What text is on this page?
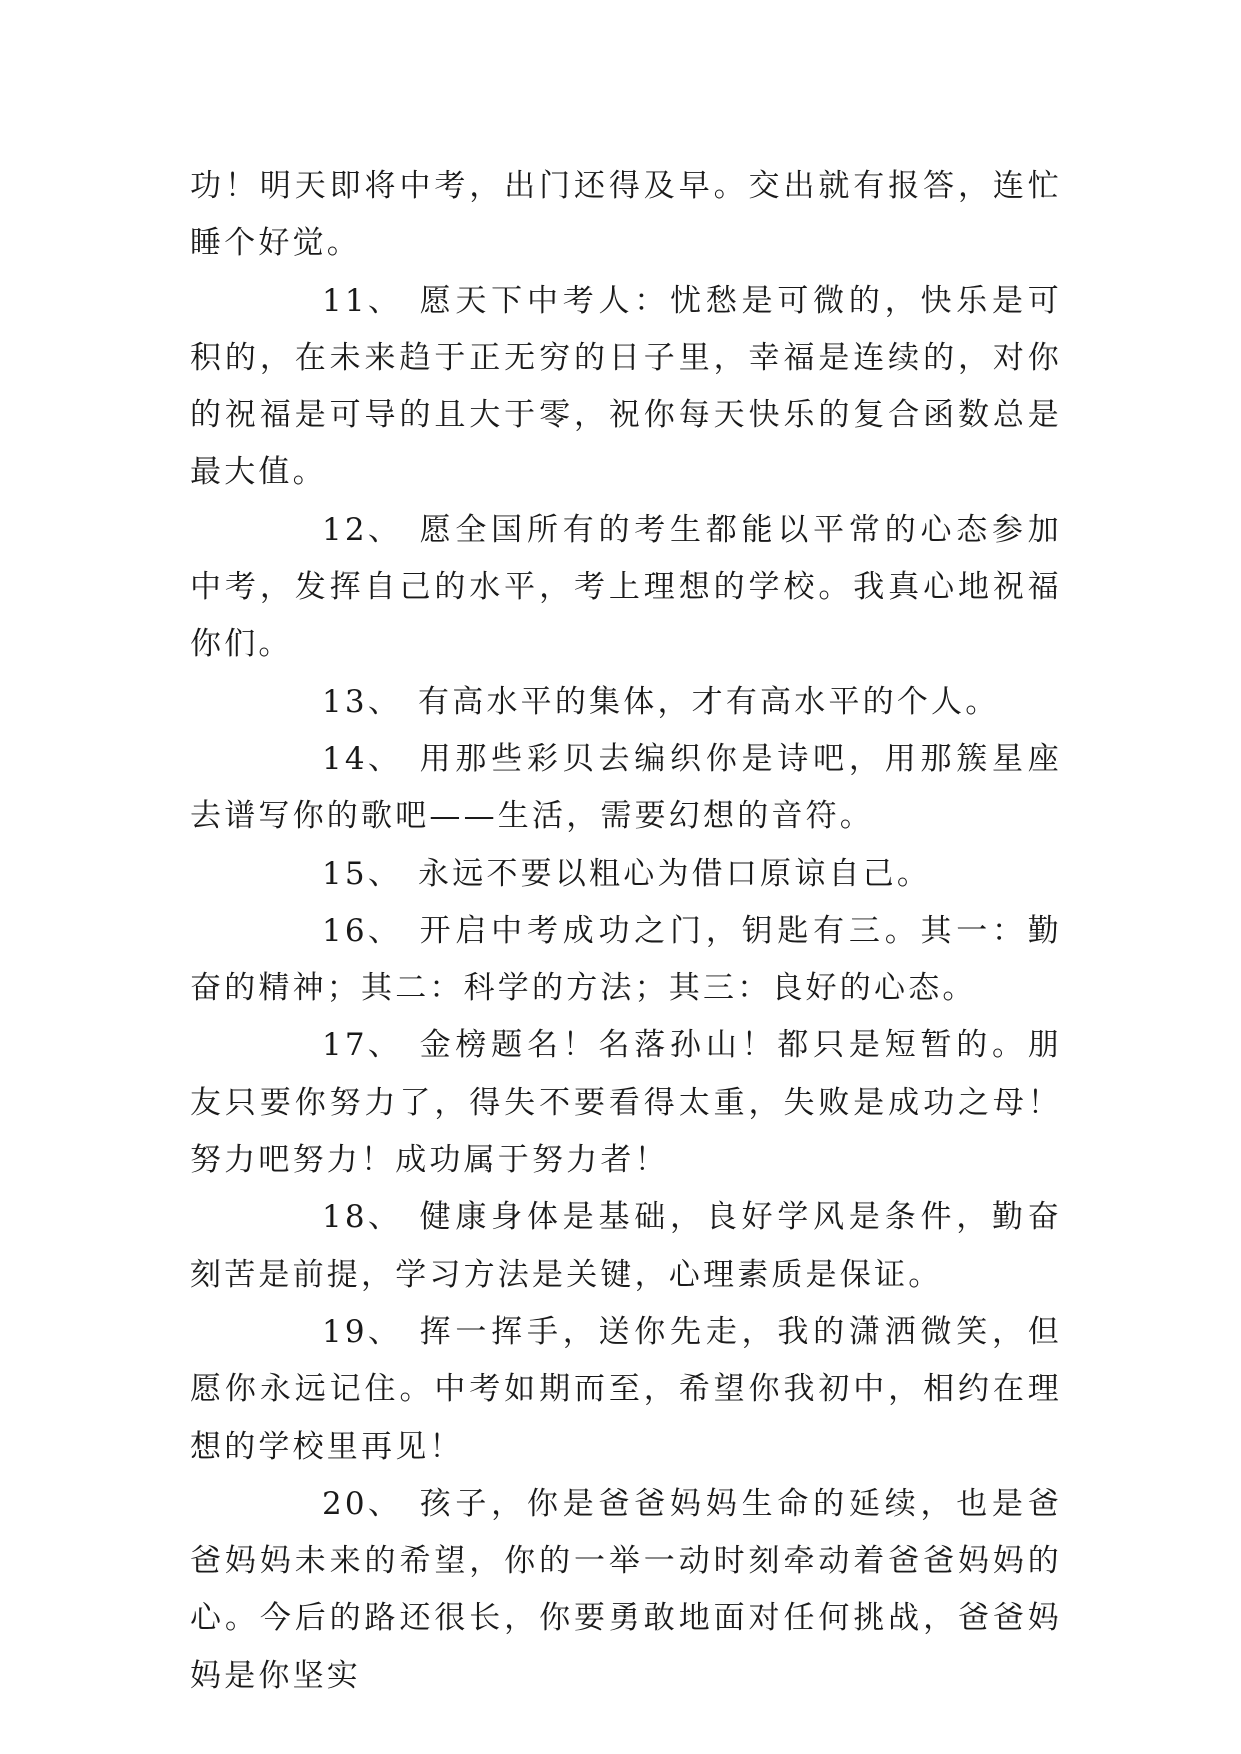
功！明天即将中考，出门还得及早。交出就有报答，连忙睡个好觉。

11、 愿天下中考人：忧愁是可微的，快乐是可积的，在未来趋于正无穷的日子里，幸福是连续的，对你的祝福是可导的且大于零，祝你每天快乐的复合函数总是最大值。

12、 愿全国所有的考生都能以平常的心态参加中考，发挥自己的水平，考上理想的学校。我真心地祝福你们。

13、 有高水平的集体，才有高水平的个人。

14、 用那些彩贝去编织你是诗吧，用那簇星座去谱写你的歌吧——生活，需要幻想的音符。

15、 永远不要以粗心为借口原谅自己。

16、 开启中考成功之门，钥匙有三。其一：勤奋的精神；其二：科学的方法；其三：良好的心态。

17、 金榜题名！名落孙山！都只是短暂的。朋友只要你努力了，得失不要看得太重，失败是成功之母！努力吧努力！成功属于努力者！

18、 健康身体是基础，良好学风是条件，勤奋刻苦是前提，学习方法是关键，心理素质是保证。

19、 挥一挥手，送你先走，我的潇洒微笑，但愿你永远记住。中考如期而至，希望你我初中，相约在理想的学校里再见！

20、 孩子，你是爸爸妈妈生命的延续，也是爸爸妈妈未来的希望，你的一举一动时刻牵动着爸爸妈妈的心。今后的路还很长，你要勇敢地面对任何挑战，爸爸妈妈是你坚实
